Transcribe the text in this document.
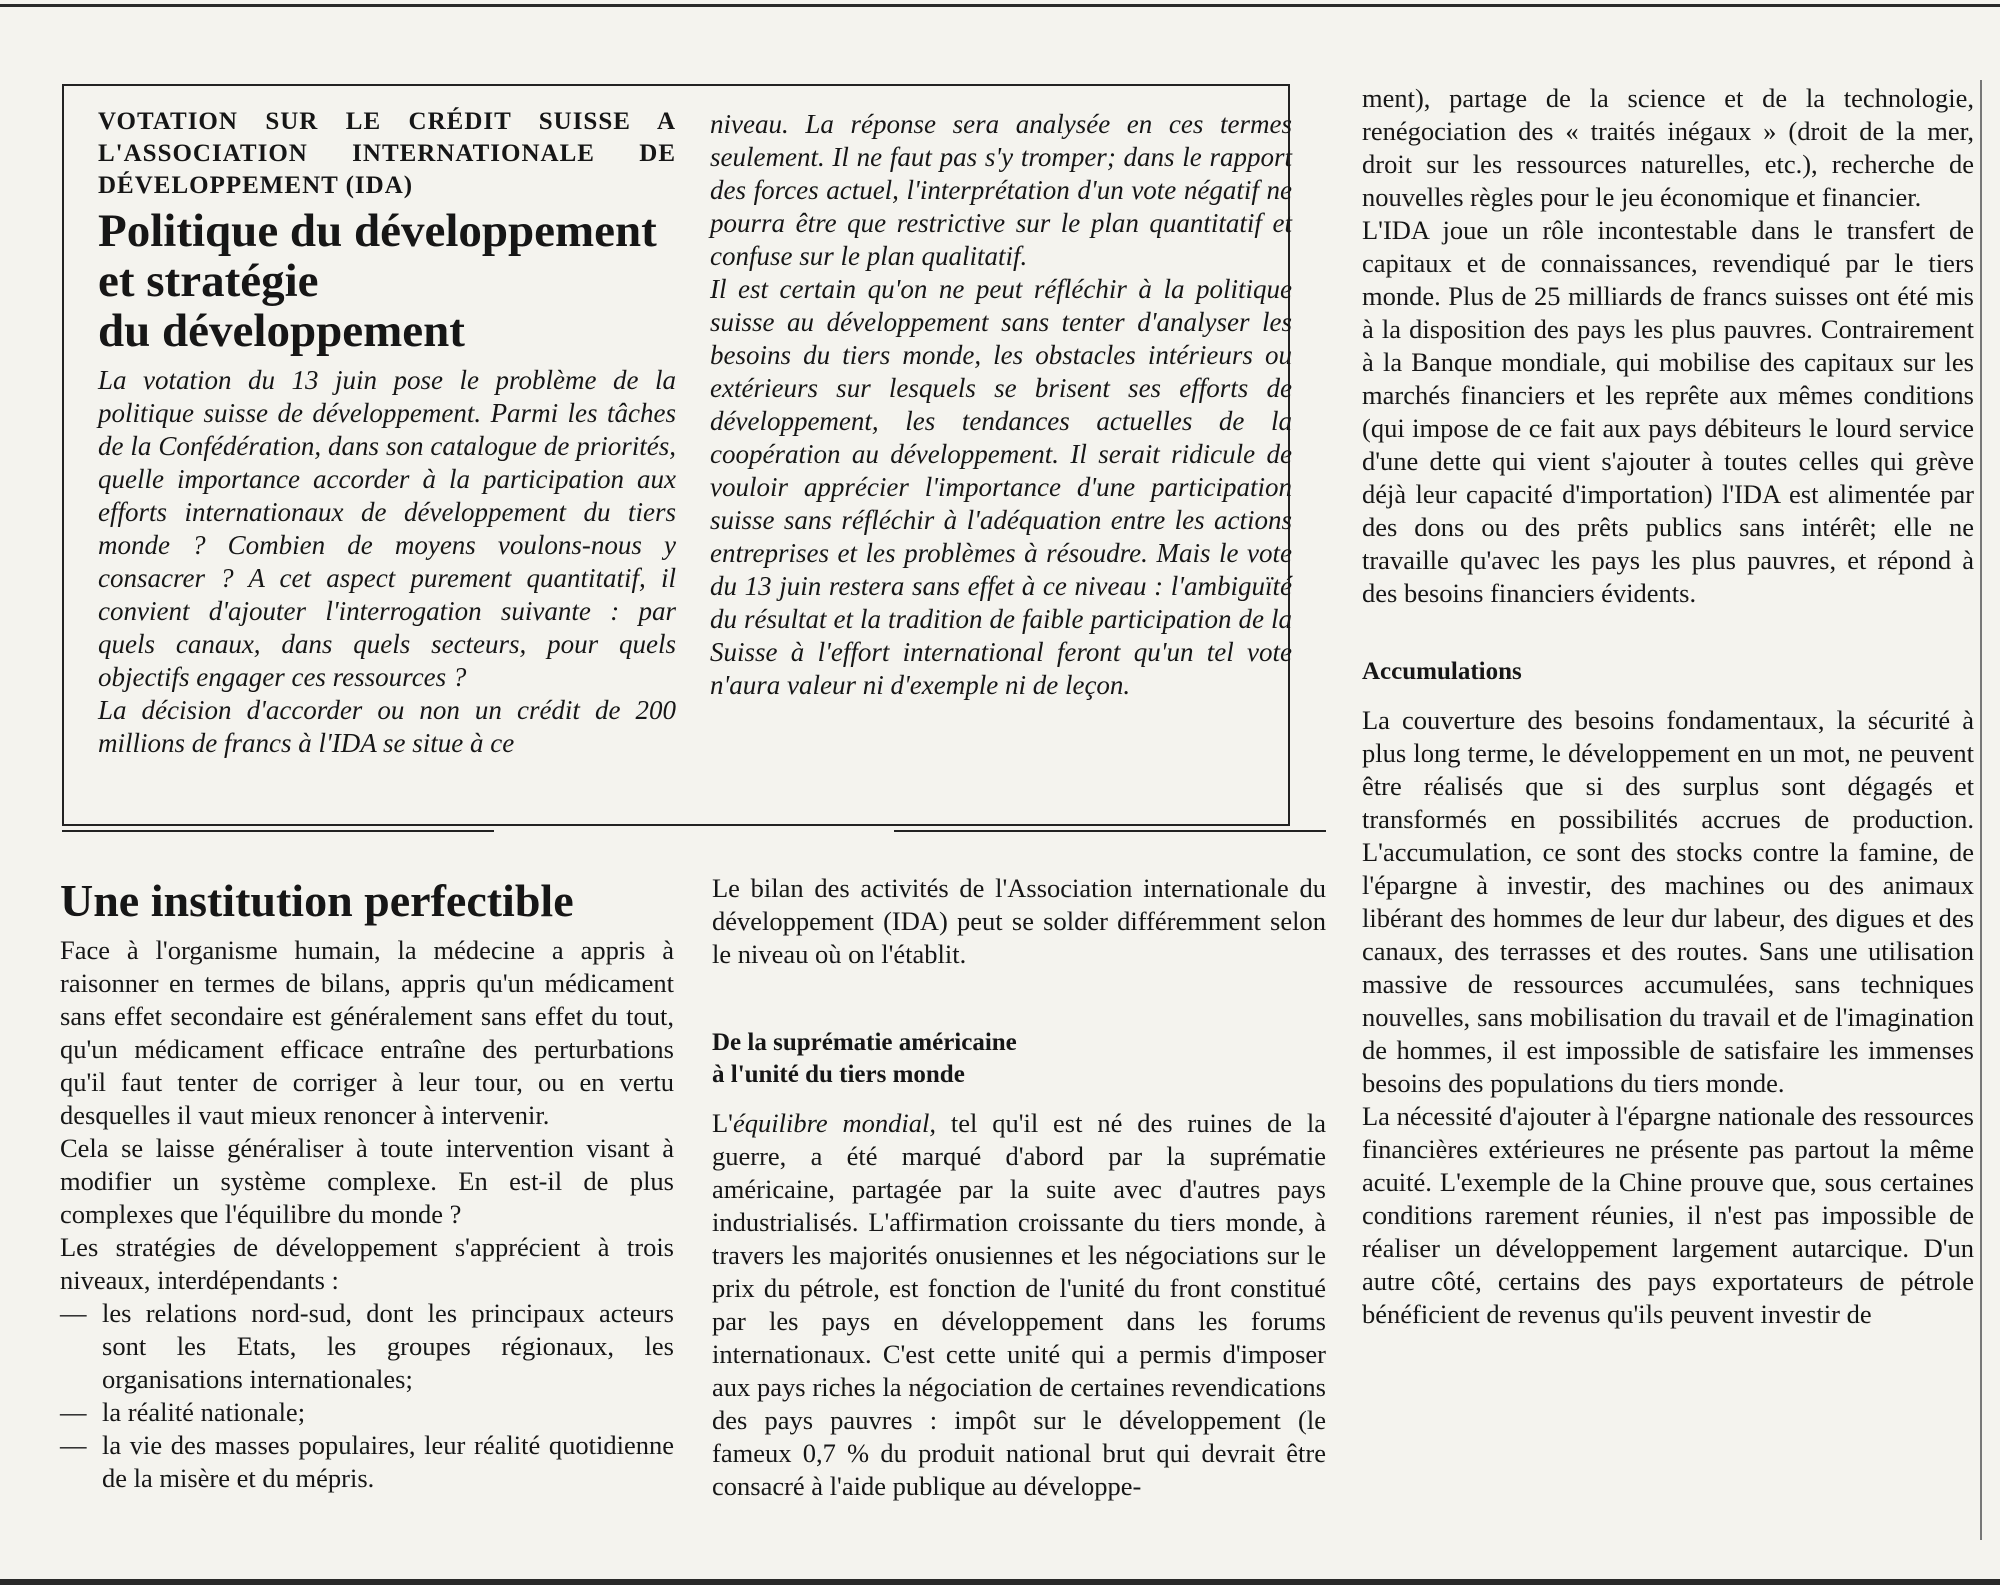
VOTATION SUR LE CRÉDIT SUISSE A L'ASSOCIATION INTERNATIONALE DE DÉVELOPPEMENT (IDA)

Politique du développement
et stratégie
du développement

La votation du 13 juin pose le problème de la politique suisse de développement. Parmi les tâches de la Confédération, dans son catalogue de priorités, quelle importance accorder à la participation aux efforts internationaux de développement du tiers monde ? Combien de moyens voulons-nous y consacrer ? A cet aspect purement quantitatif, il convient d'ajouter l'interrogation suivante : par quels canaux, dans quels secteurs, pour quels objectifs engager ces ressources ?

La décision d'accorder ou non un crédit de 200 millions de francs à l'IDA se situe à ce

niveau. La réponse sera analysée en ces termes seulement. Il ne faut pas s'y tromper; dans le rapport des forces actuel, l'interprétation d'un vote négatif ne pourra être que restrictive sur le plan quantitatif et confuse sur le plan qualitatif.

Il est certain qu'on ne peut réfléchir à la politique suisse au développement sans tenter d'analyser les besoins du tiers monde, les obstacles intérieurs ou extérieurs sur lesquels se brisent ses efforts de développement, les tendances actuelles de la coopération au développement. Il serait ridicule de vouloir apprécier l'importance d'une participation suisse sans réfléchir à l'adéquation entre les actions entreprises et les problèmes à résoudre. Mais le vote du 13 juin restera sans effet à ce niveau : l'ambiguïté du résultat et la tradition de faible participation de la Suisse à l'effort international feront qu'un tel vote n'aura valeur ni d'exemple ni de leçon.

ment), partage de la science et de la technologie, renégociation des « traités inégaux » (droit de la mer, droit sur les ressources naturelles, etc.), recherche de nouvelles règles pour le jeu économique et financier.

L'IDA joue un rôle incontestable dans le transfert de capitaux et de connaissances, revendiqué par le tiers monde. Plus de 25 milliards de francs suisses ont été mis à la disposition des pays les plus pauvres. Contrairement à la Banque mondiale, qui mobilise des capitaux sur les marchés financiers et les reprête aux mêmes conditions (qui impose de ce fait aux pays débiteurs le lourd service d'une dette qui vient s'ajouter à toutes celles qui grève déjà leur capacité d'importation) l'IDA est alimentée par des dons ou des prêts publics sans intérêt; elle ne travaille qu'avec les pays les plus pauvres, et répond à des besoins financiers évidents.

Accumulations

La couverture des besoins fondamentaux, la sécurité à plus long terme, le développement en un mot, ne peuvent être réalisés que si des surplus sont dégagés et transformés en possibilités accrues de production. L'accumulation, ce sont des stocks contre la famine, de l'épargne à investir, des machines ou des animaux libérant des hommes de leur dur labeur, des digues et des canaux, des terrasses et des routes. Sans une utilisation massive de ressources accumulées, sans techniques nouvelles, sans mobilisation du travail et de l'imagination de hommes, il est impossible de satisfaire les immenses besoins des populations du tiers monde.

La nécessité d'ajouter à l'épargne nationale des ressources financières extérieures ne présente pas partout la même acuité. L'exemple de la Chine prouve que, sous certaines conditions rarement réunies, il n'est pas impossible de réaliser un développement largement autarcique. D'un autre côté, certains des pays exportateurs de pétrole bénéficient de revenus qu'ils peuvent investir de

Une institution perfectible

Face à l'organisme humain, la médecine a appris à raisonner en termes de bilans, appris qu'un médicament sans effet secondaire est généralement sans effet du tout, qu'un médicament efficace entraîne des perturbations qu'il faut tenter de corriger à leur tour, ou en vertu desquelles il vaut mieux renoncer à intervenir.

Cela se laisse généraliser à toute intervention visant à modifier un système complexe. En est-il de plus complexes que l'équilibre du monde ?

Les stratégies de développement s'apprécient à trois niveaux, interdépendants :

— les relations nord-sud, dont les principaux acteurs sont les Etats, les groupes régionaux, les organisations internationales;
— la réalité nationale;
— la vie des masses populaires, leur réalité quotidienne de la misère et du mépris.

Le bilan des activités de l'Association internationale du développement (IDA) peut se solder différemment selon le niveau où on l'établit.

De la suprématie américaine
à l'unité du tiers monde

L'équilibre mondial, tel qu'il est né des ruines de la guerre, a été marqué d'abord par la suprématie américaine, partagée par la suite avec d'autres pays industrialisés. L'affirmation croissante du tiers monde, à travers les majorités onusiennes et les négociations sur le prix du pétrole, est fonction de l'unité du front constitué par les pays en développement dans les forums internationaux. C'est cette unité qui a permis d'imposer aux pays riches la négociation de certaines revendications des pays pauvres : impôt sur le développement (le fameux 0,7 % du produit national brut qui devrait être consacré à l'aide publique au développe-
